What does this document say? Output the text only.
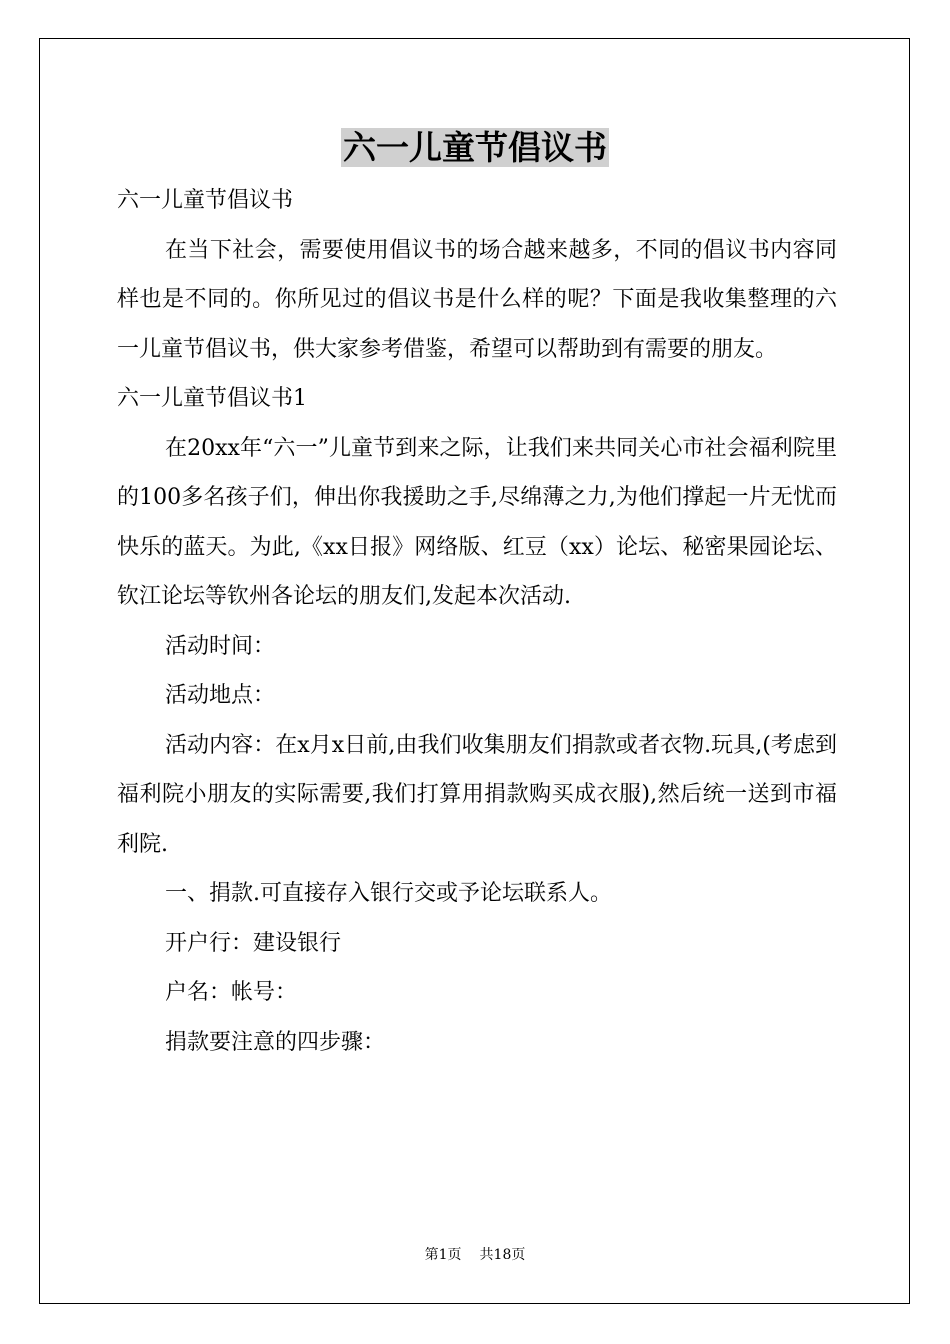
六一儿童节倡议书

六一儿童节倡议书

在当下社会，需要使用倡议书的场合越来越多，不同的倡议书内容同样也是不同的。你所见过的倡议书是什么样的呢？下面是我收集整理的六一儿童节倡议书，供大家参考借鉴，希望可以帮助到有需要的朋友。

六一儿童节倡议书1

在20xx年“六一”儿童节到来之际，让我们来共同关心市社会福利院里的100多名孩子们，伸出你我援助之手,尽绵薄之力,为他们撑起一片无忧而快乐的蓝天。为此,《xx日报》网络版、红豆（xx）论坛、秘密果园论坛、钦江论坛等钦州各论坛的朋友们,发起本次活动.

活动时间：

活动地点：

活动内容：在x月x日前,由我们收集朋友们捐款或者衣物.玩具,(考虑到福利院小朋友的实际需要,我们打算用捐款购买成衣服),然后统一送到市福利院.

一、捐款.可直接存入银行交或予论坛联系人。

开户行：建设银行

户名：帐号：

捐款要注意的四步骤：

第1页 共18页
